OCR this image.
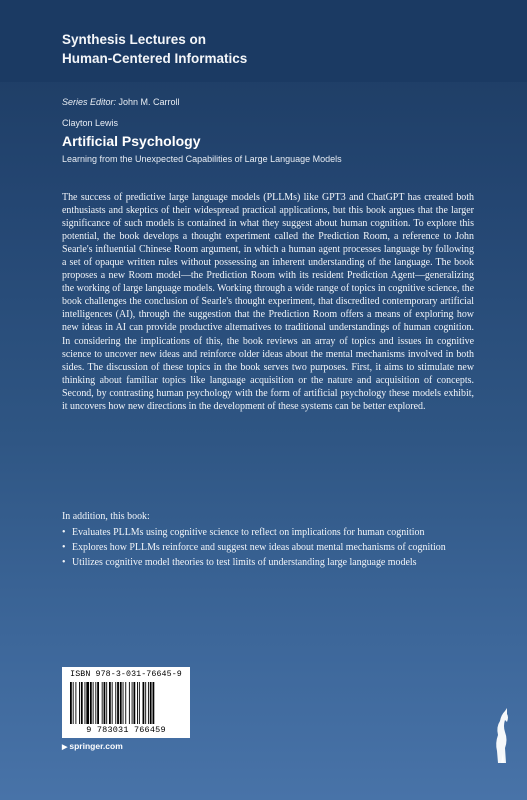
Synthesis Lectures on
Human-Centered Informatics
Series Editor: John M. Carroll
Clayton Lewis
Artificial Psychology
Learning from the Unexpected Capabilities of Large Language Models

The success of predictive large language models (PLLMs) like GPT3 and ChatGPT has created both enthusiasts and skeptics of their widespread practical applications, but this book argues that the larger significance of such models is contained in what they suggest about human cognition. To explore this potential, the book develops a thought experiment called the Prediction Room, a reference to John Searle's influential Chinese Room argument, in which a human agent processes language by following a set of opaque written rules without possessing an inherent understanding of the language. The book proposes a new Room model—the Prediction Room with its resident Prediction Agent—generalizing the working of large language models. Working through a wide range of topics in cognitive science, the book challenges the conclusion of Searle's thought experiment, that discredited contemporary artificial intelligences (AI), through the suggestion that the Prediction Room offers a means of exploring how new ideas in AI can provide productive alternatives to traditional understandings of human cognition. In considering the implications of this, the book reviews an array of topics and issues in cognitive science to uncover new ideas and reinforce older ideas about the mental mechanisms involved in both sides. The discussion of these topics in the book serves two purposes. First, it aims to stimulate new thinking about familiar topics like language acquisition or the nature and acquisition of concepts. Second, by contrasting human psychology with the form of artificial psychology these models exhibit, it uncovers how new directions in the development of these systems can be better explored.

In addition, this book:
• Evaluates PLLMs using cognitive science to reflect on implications for human cognition
• Explores how PLLMs reinforce and suggest new ideas about mental mechanisms of cognition
• Utilizes cognitive model theories to test limits of understanding large language models
ISBN 978-3-031-76645-9
9 783031 766459
▶ springer.com
